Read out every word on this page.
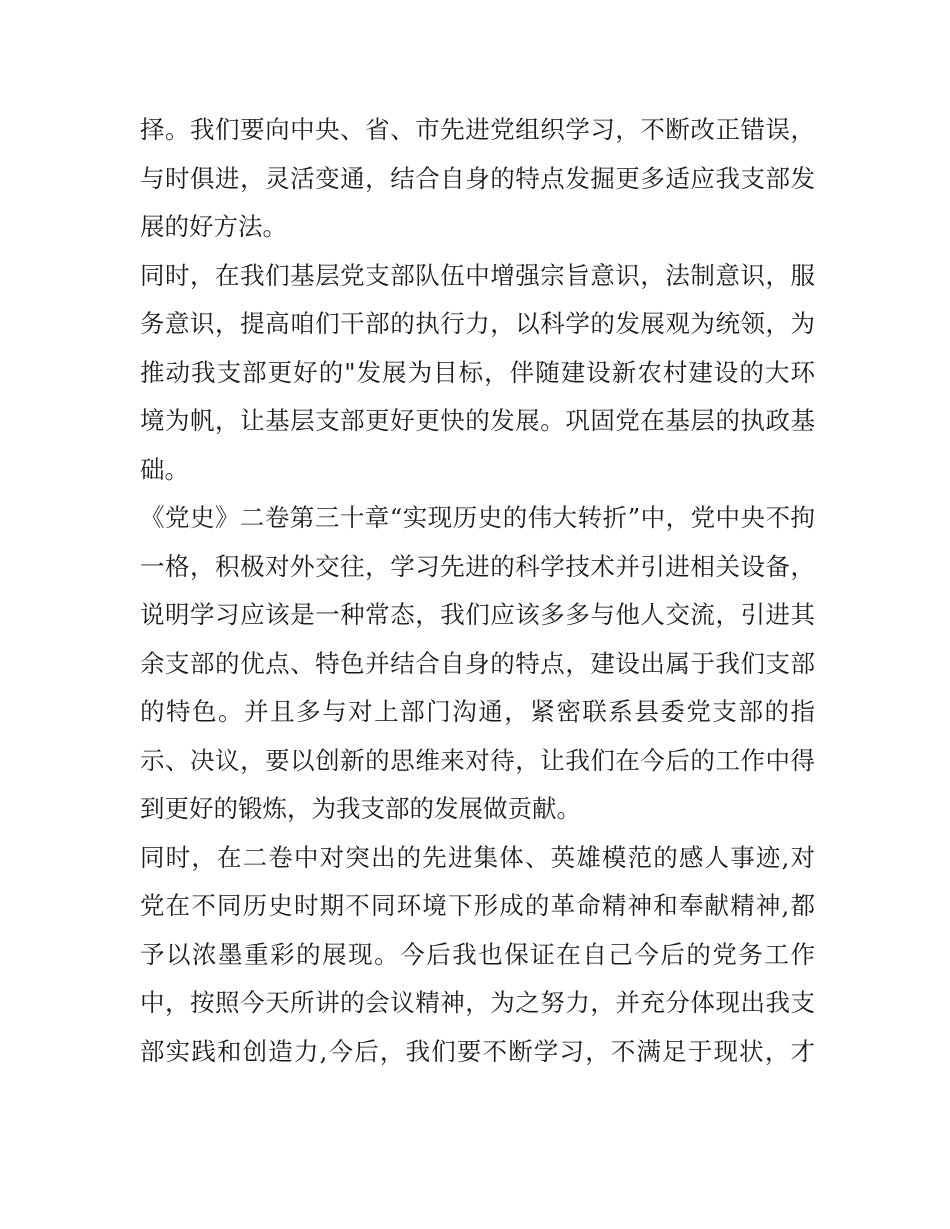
择。我们要向中央、省、市先进党组织学习，不断改正错误，
与时俱进，灵活变通，结合自身的特点发掘更多适应我支部发
展的好方法。
同时，在我们基层党支部队伍中增强宗旨意识，法制意识，服
务意识，提高咱们干部的执行力，以科学的发展观为统领，为
推动我支部更好的"发展为目标，伴随建设新农村建设的大环
境为帆，让基层支部更好更快的发展。巩固党在基层的执政基
础。
《党史》二卷第三十章“实现历史的伟大转折”中，党中央不拘
一格，积极对外交往，学习先进的科学技术并引进相关设备，
说明学习应该是一种常态，我们应该多多与他人交流，引进其
余支部的优点、特色并结合自身的特点，建设出属于我们支部
的特色。并且多与对上部门沟通，紧密联系县委党支部的指
示、决议，要以创新的思维来对待，让我们在今后的工作中得
到更好的锻炼，为我支部的发展做贡献。
同时，在二卷中对突出的先进集体、英雄模范的感人事迹,对
党在不同历史时期不同环境下形成的革命精神和奉献精神,都
予以浓墨重彩的展现。今后我也保证在自己今后的党务工作
中，按照今天所讲的会议精神，为之努力，并充分体现出我支
部实践和创造力,今后，我们要不断学习，不满足于现状，才
